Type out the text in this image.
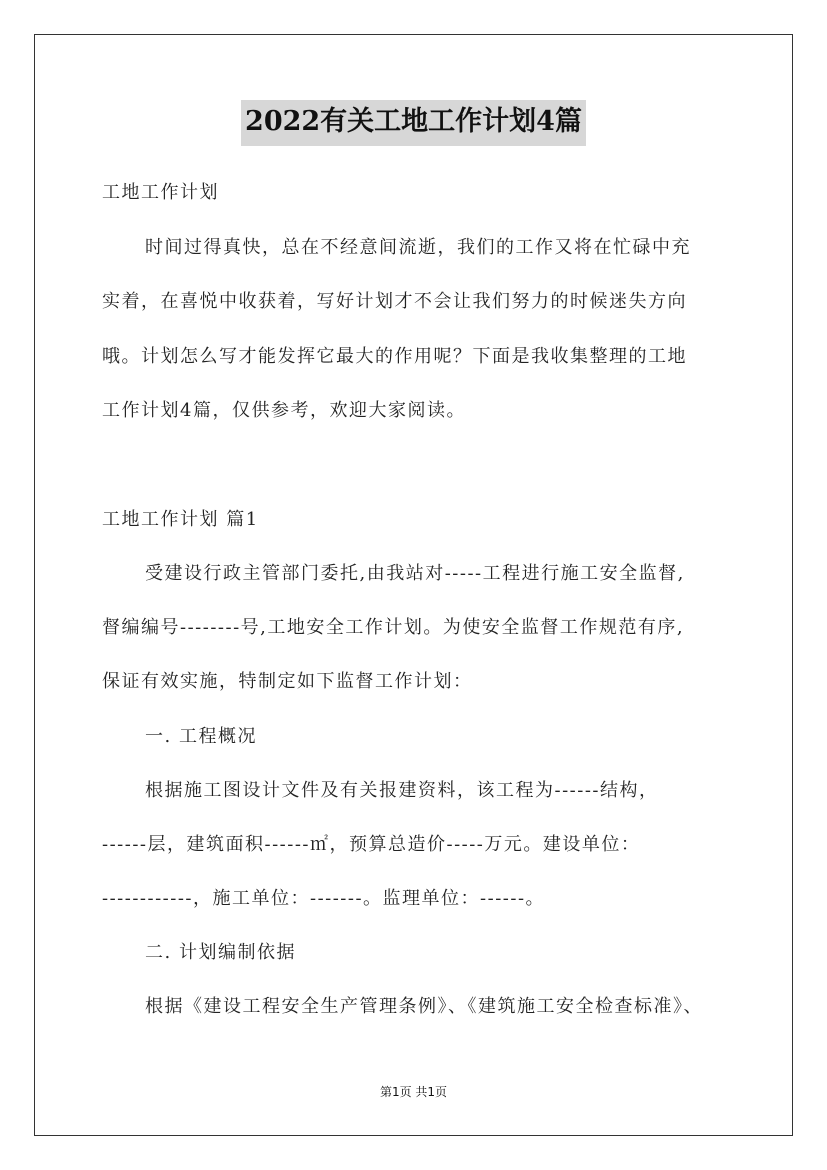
2022有关工地工作计划4篇
工地工作计划
时间过得真快，总在不经意间流逝，我们的工作又将在忙碌中充
实着，在喜悦中收获着，写好计划才不会让我们努力的时候迷失方向
哦。计划怎么写才能发挥它最大的作用呢？下面是我收集整理的工地
工作计划4篇，仅供参考，欢迎大家阅读。
工地工作计划 篇1
受建设行政主管部门委托,由我站对-----工程进行施工安全监督,
督编编号--------号,工地安全工作计划。为使安全监督工作规范有序,
保证有效实施，特制定如下监督工作计划：
一. 工程概况
根据施工图设计文件及有关报建资料，该工程为------结构，
------层，建筑面积------㎡，预算总造价-----万元。建设单位：
------------，施工单位：-------。监理单位：------。
二. 计划编制依据
根据《建设工程安全生产管理条例》、《建筑施工安全检查标准》、
第1页 共1页
